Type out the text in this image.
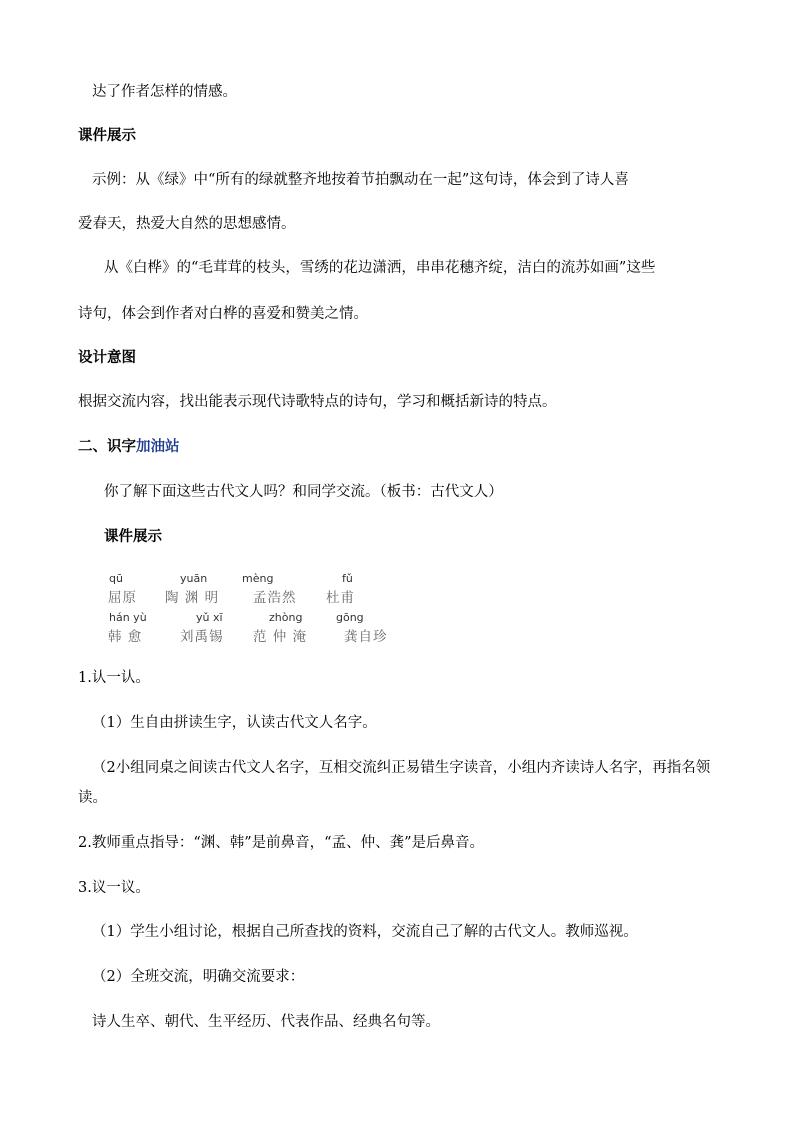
达了作者怎样的情感。
课件展示
示例：从《绿》中“所有的绿就整齐地按着节拍飘动在一起”这句诗，体会到了诗人喜
爱春天，热爱大自然的思想感情。
从《白桦》的“毛茸茸的枝头，雪绣的花边潇洒，串串花穗齐绽，洁白的流苏如画”这些
诗句，体会到作者对白桦的喜爱和赞美之情。
设计意图
根据交流内容，找出能表示现代诗歌特点的诗句，学习和概括新诗的特点。
二、识字加油站
你了解下面这些古代文人吗？和同学交流。（板书：古代文人）
课件展示
qū
屈原
yuān
陶 渊 明
mèng
孟浩然
fǔ
杜甫
hán yù
韩 愈
yǔ xī
刘禹锡
zhòng
范 仲 淹
gōng
龚自珍
1.认一认。
（1）生自由拼读生字，认读古代文人名字。
（2小组同桌之间读古代文人名字，互相交流纠正易错生字读音，小组内齐读诗人名字，再指名领
读。
2.教师重点指导：“渊、韩”是前鼻音，“孟、仲、龚”是后鼻音。
3.议一议。
（1）学生小组讨论，根据自己所查找的资料，交流自己了解的古代文人。教师巡视。
（2）全班交流，明确交流要求：
诗人生卒、朝代、生平经历、代表作品、经典名句等。
